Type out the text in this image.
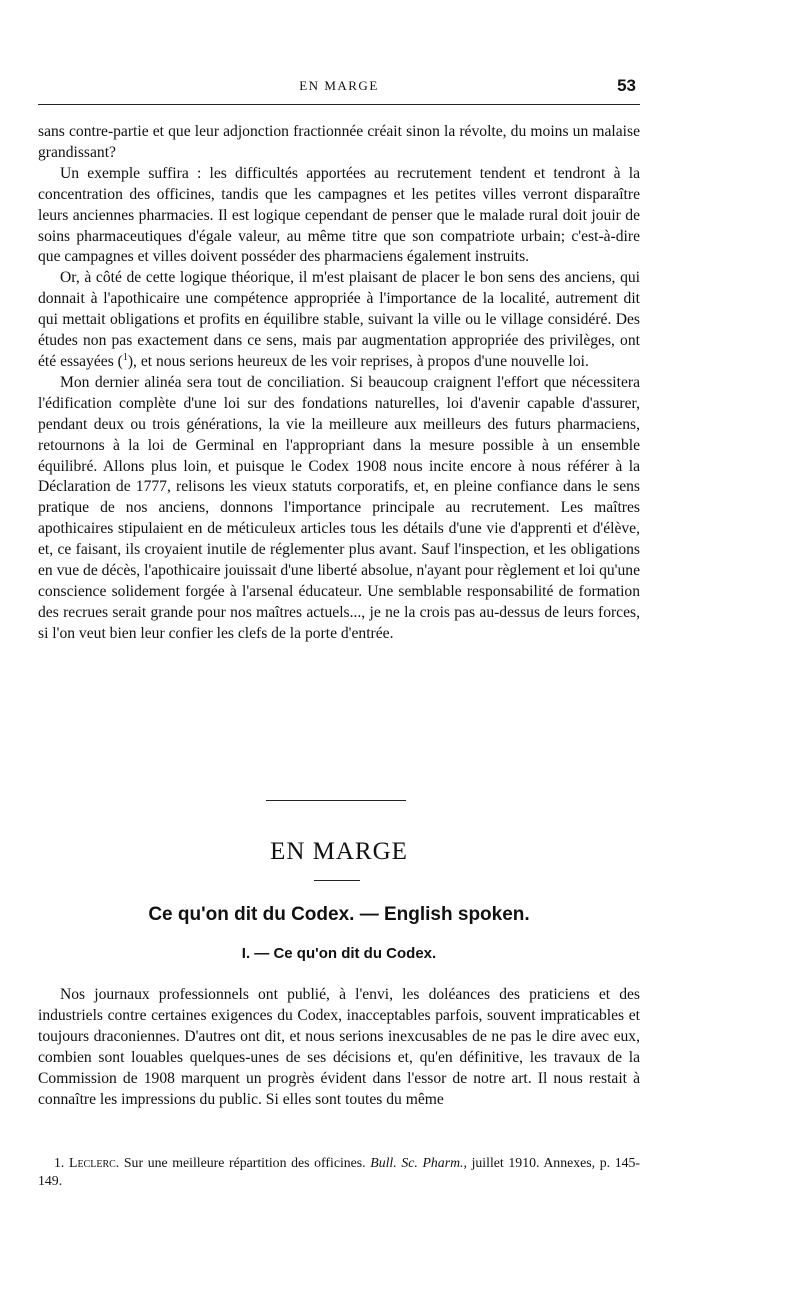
EN MARGE	53

sans contre-partie et que leur adjonction fractionnée créait sinon la révolte, du moins un malaise grandissant?

Un exemple suffira : les difficultés apportées au recrutement tendent et tendront à la concentration des officines, tandis que les campagnes et les petites villes verront disparaître leurs anciennes pharmacies. Il est logique cependant de penser que le malade rural doit jouir de soins pharmaceutiques d'égale valeur, au même titre que son compatriote urbain; c'est-à-dire que campagnes et villes doivent posséder des pharmaciens également instruits.

Or, à côté de cette logique théorique, il m'est plaisant de placer le bon sens des anciens, qui donnait à l'apothicaire une compétence appropriée à l'importance de la localité, autrement dit qui mettait obligations et profits en équilibre stable, suivant la ville ou le village considéré. Des études non pas exactement dans ce sens, mais par augmentation appropriée des privilèges, ont été essayées ($^1$), et nous serions heureux de les voir reprises, à propos d'une nouvelle loi.

Mon dernier alinéa sera tout de conciliation. Si beaucoup craignent l'effort que nécessitera l'édification complète d'une loi sur des fondations naturelles, loi d'avenir capable d'assurer, pendant deux ou trois générations, la vie la meilleure aux meilleurs des futurs pharmaciens, retournons à la loi de Germinal en l'appropriant dans la mesure possible à un ensemble équilibré. Allons plus loin, et puisque le Codex 1908 nous incite encore à nous référer à la Déclaration de 1777, relisons les vieux statuts corporatifs, et, en pleine confiance dans le sens pratique de nos anciens, donnons l'importance principale au recrutement. Les maîtres apothicaires stipulaient en de méticuleux articles tous les détails d'une vie d'apprenti et d'élève, et, ce faisant, ils croyaient inutile de réglementer plus avant. Sauf l'inspection, et les obligations en vue de décès, l'apothicaire jouissait d'une liberté absolue, n'ayant pour règlement et loi qu'une conscience solidement forgée à l'arsenal éducateur. Une semblable responsabilité de formation des recrues serait grande pour nos maîtres actuels..., je ne la crois pas au-dessus de leurs forces, si l'on veut bien leur confier les clefs de la porte d'entrée.

EN MARGE
Ce qu'on dit du Codex. — English spoken.
I. — Ce qu'on dit du Codex.

Nos journaux professionnels ont publié, à l'envi, les doléances des praticiens et des industriels contre certaines exigences du Codex, inacceptables parfois, souvent impraticables et toujours draconiennes. D'autres ont dit, et nous serions inexcusables de ne pas le dire avec eux, combien sont louables quelques-unes de ses décisions et, qu'en définitive, les travaux de la Commission de 1908 marquent un progrès évident dans l'essor de notre art. Il nous restait à connaître les impressions du public. Si elles sont toutes du même

1. Leclerc. Sur une meilleure répartition des officines. Bull. Sc. Pharm., juillet 1910. Annexes, p. 145-149.
